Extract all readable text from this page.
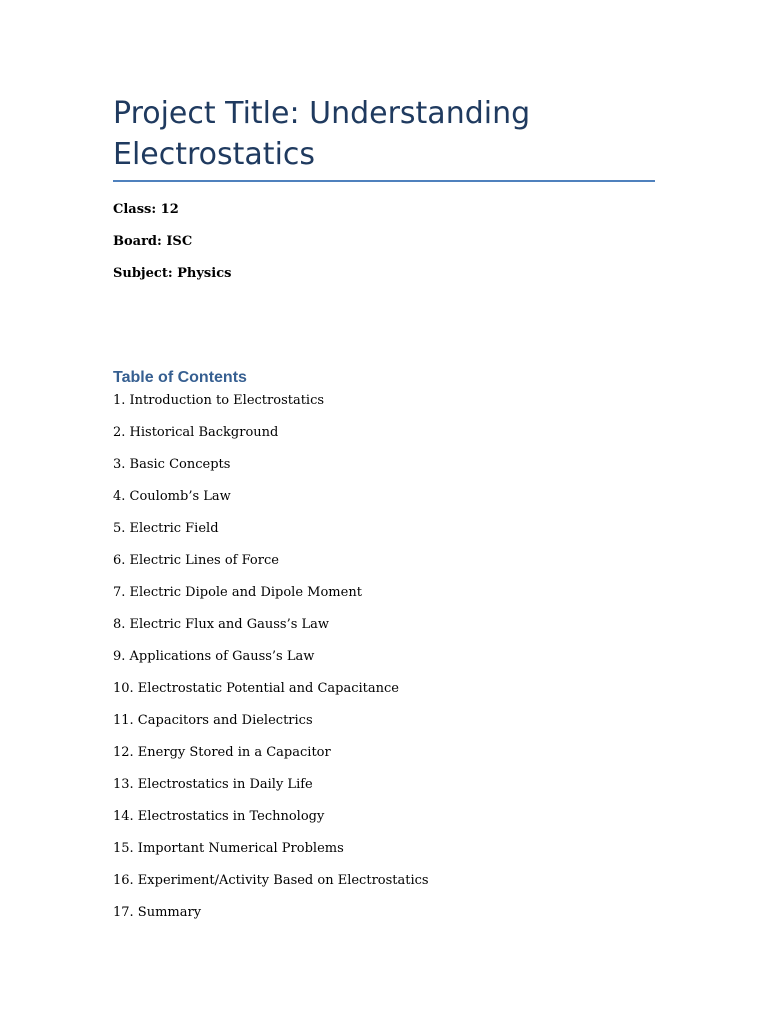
Project Title: Understanding Electrostatics

Class: 12

Board: ISC

Subject: Physics

Table of Contents
1. Introduction to Electrostatics
2. Historical Background
3. Basic Concepts
4. Coulomb’s Law
5. Electric Field
6. Electric Lines of Force
7. Electric Dipole and Dipole Moment
8. Electric Flux and Gauss’s Law
9. Applications of Gauss’s Law
10. Electrostatic Potential and Capacitance
11. Capacitors and Dielectrics
12. Energy Stored in a Capacitor
13. Electrostatics in Daily Life
14. Electrostatics in Technology
15. Important Numerical Problems
16. Experiment/Activity Based on Electrostatics
17. Summary
